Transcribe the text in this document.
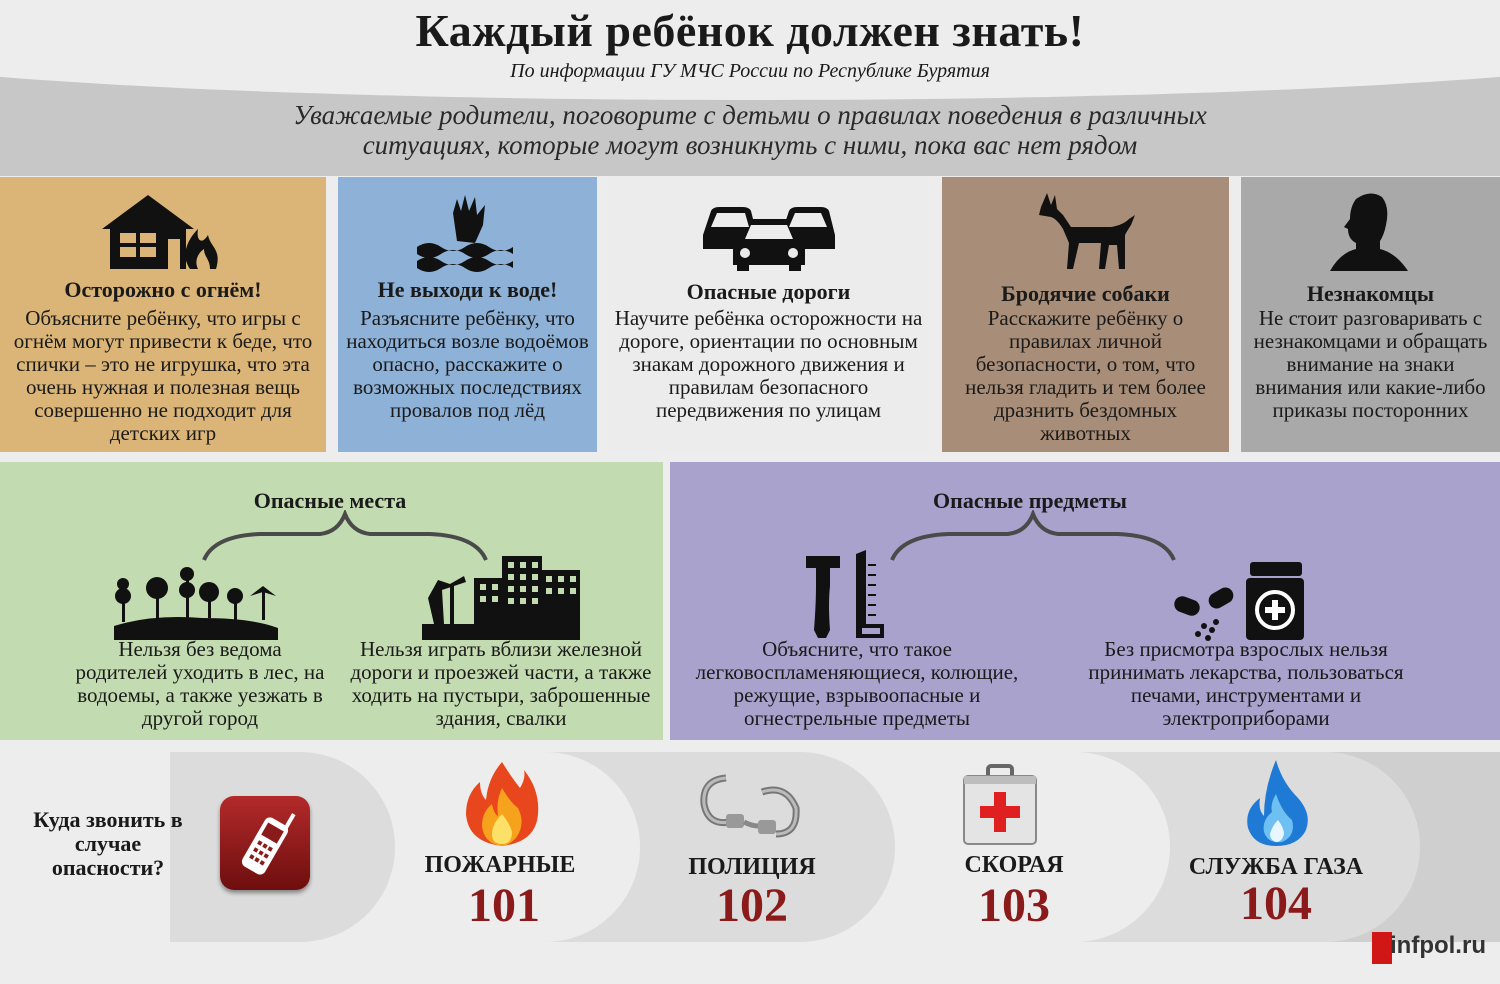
Каждый ребёнок должен знать!
По информации ГУ МЧС России по Республике Бурятия
Уважаемые родители, поговорите с детьми о правилах поведения в различных
ситуациях, которые могут возникнуть с ними, пока вас нет рядом
Осторожно с огнём!
Объясните ребёнку, что игры с огнём могут привести к беде, что спички – это не игрушка, что эта очень нужная и полезная вещь совершенно не подходит для детских игр
Не выходи к воде!
Разъясните ребёнку, что находиться возле водоёмов опасно, расскажите о возможных последствиях провалов под лёд
Опасные дороги
Научите ребёнка осторожности на дороге, ориентации по основным знакам дорожного движения и правилам безопасного передвижения по улицам
Бродячие собаки
Расскажите ребёнку о правилах личной безопасности, о том, что нельзя гладить и тем более дразнить бездомных животных
Незнакомцы
Не стоит разговаривать с незнакомцами и обращать внимание на знаки внимания или какие-либо приказы посторонних
Опасные места
Нельзя без ведома родителей уходить в лес, на водоемы, а также уезжать в другой город
Нельзя играть вблизи железной дороги и проезжей части, а также ходить на пустыри, заброшенные здания, свалки
Опасные предметы
Объясните, что такое легковоспламеняющиеся, колющие, режущие, взрывоопасные и огнестрельные предметы
Без присмотра взрослых нельзя принимать лекарства, пользоваться печами, инструментами и электроприборами
Куда звонить в случае опасности?	ПОЖАРНЫЕ
101
ПОЛИЦИЯ
102
СКОРАЯ
103
СЛУЖБА ГАЗА
104
infpol.ru
